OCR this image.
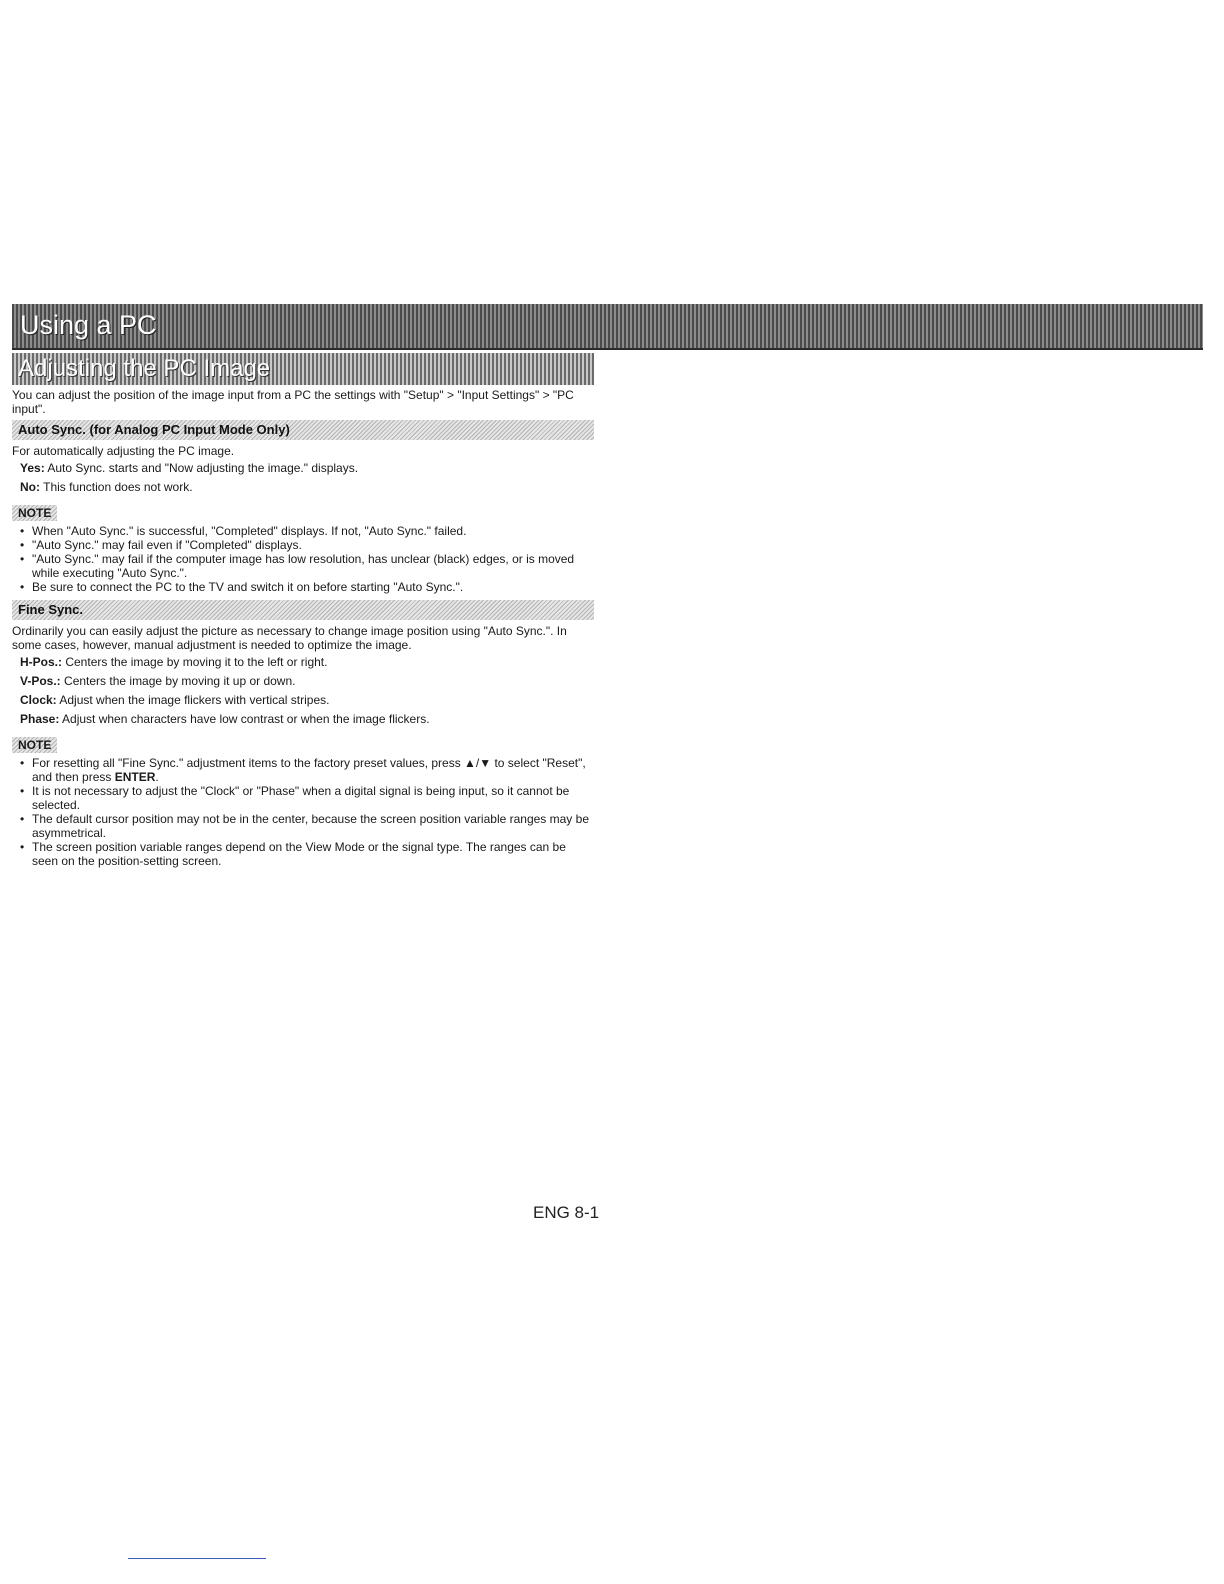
Using a PC
Adjusting the PC Image

You can adjust the position of the image input from a PC the settings with "Setup" > "Input Settings" > "PC input".

Auto Sync. (for Analog PC Input Mode Only)

For automatically adjusting the PC image.

Yes: Auto Sync. starts and "Now adjusting the image." displays.

No: This function does not work.

NOTE
• When "Auto Sync." is successful, "Completed" displays. If not, "Auto Sync." failed.
• "Auto Sync." may fail even if "Completed" displays.
• "Auto Sync." may fail if the computer image has low resolution, has unclear (black) edges, or is moved while executing "Auto Sync.".
• Be sure to connect the PC to the TV and switch it on before starting "Auto Sync.".
Fine Sync.

Ordinarily you can easily adjust the picture as necessary to change image position using "Auto Sync.". In some cases, however, manual adjustment is needed to optimize the image.

H-Pos.: Centers the image by moving it to the left or right.

V-Pos.: Centers the image by moving it up or down.

Clock: Adjust when the image flickers with vertical stripes.

Phase: Adjust when characters have low contrast or when the image flickers.

NOTE
• For resetting all "Fine Sync." adjustment items to the factory preset values, press ▲/▼ to select "Reset", and then press ENTER.
• It is not necessary to adjust the "Clock" or "Phase" when a digital signal is being input, so it cannot be selected.
• The default cursor position may not be in the center, because the screen position variable ranges may be asymmetrical.
• The screen position variable ranges depend on the View Mode or the signal type. The ranges can be seen on the position-setting screen.

ENG 8-1
